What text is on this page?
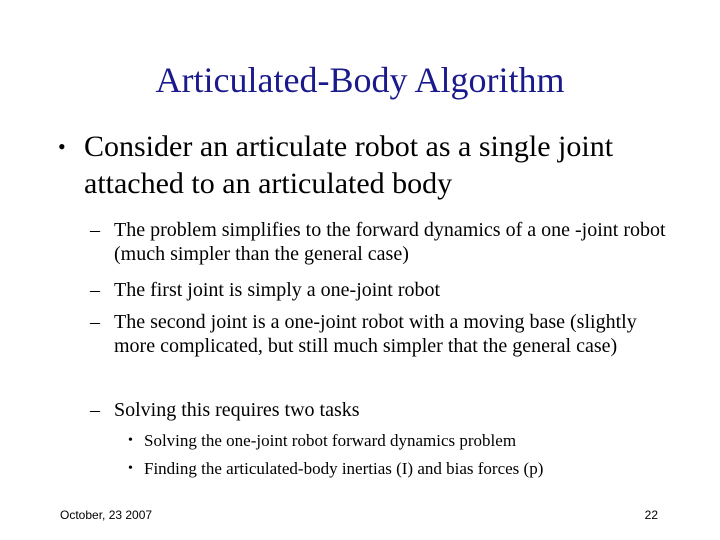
Articulated-Body Algorithm
• Consider an articulate robot as a single joint attached to an articulated body
– The problem simplifies to the forward dynamics of a one -joint robot (much simpler than the general case)
– The first joint is simply a one-joint robot
– The second joint is a one-joint robot with a moving base (slightly more complicated, but still much simpler that the general case)
– Solving this requires two tasks
• Solving the one-joint robot forward dynamics problem
• Finding the articulated-body inertias (I) and bias forces (p)
October, 23 2007	22
